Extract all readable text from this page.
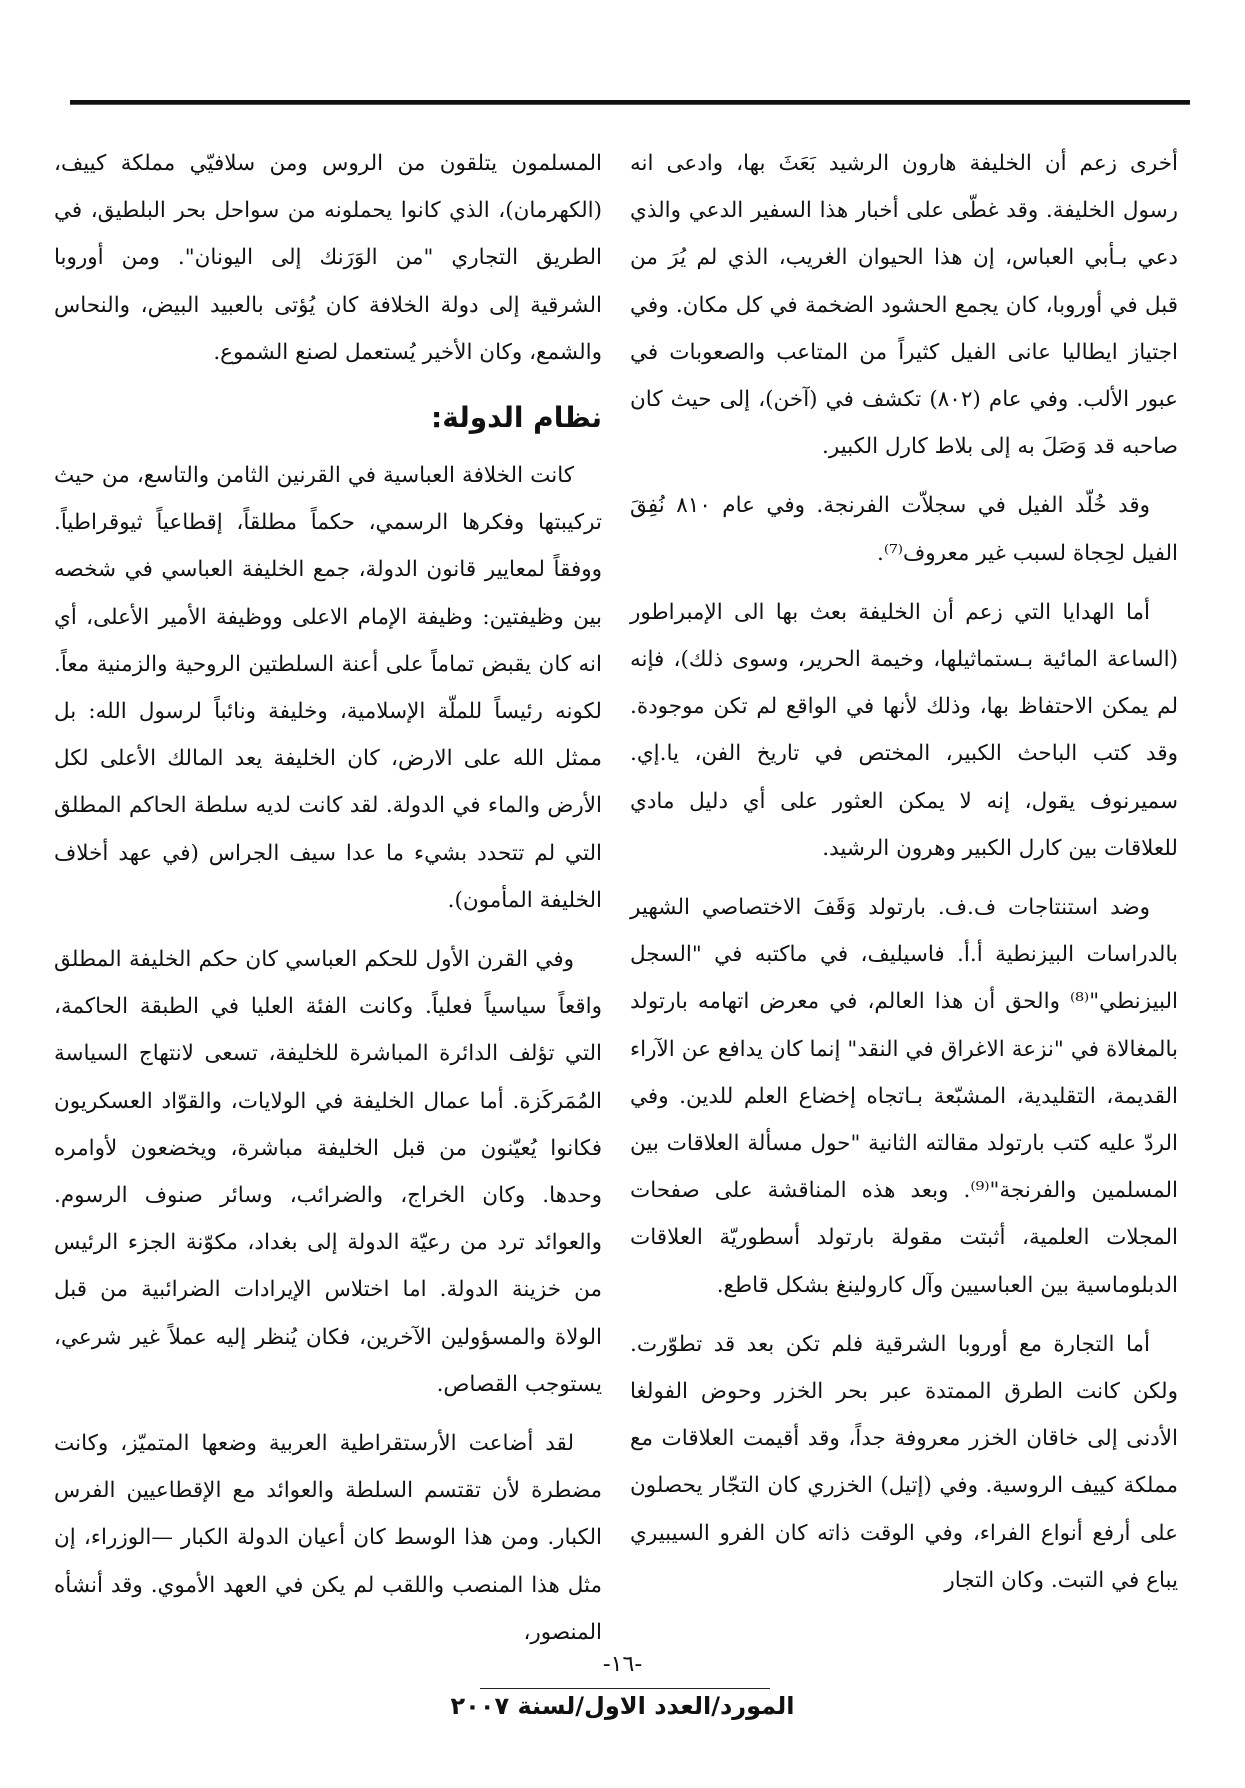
أخرى زعم أن الخليفة هارون الرشيد بَعَثَ بها، وادعى انه رسول الخليفة. وقد غطّى على أخبار هذا السفير الدعي والذي دعي بـأبي العباس، إن هذا الحيوان الغريب، الذي لم يُرَ من قبل في أوروبا، كان يجمع الحشود الضخمة في كل مكان. وفي اجتياز ايطاليا عانى الفيل كثيراً من المتاعب والصعوبات في عبور الألب. وفي عام (٨٠٢) تكشف في (آخن)، إلى حيث كان صاحبه قد وَصَلَ به إلى بلاط كارل الكبير.

وقد خُلّد الفيل في سجلاّت الفرنجة. وفي عام ٨١٠ نُفِقَ الفيل لحِجاة لسبب غير معروف⁽⁷⁾.

أما الهدايا التي زعم أن الخليفة بعث بها الى الإمبراطور (الساعة المائية بـستماثيلها، وخيمة الحرير، وسوى ذلك)، فإنه لم يمكن الاحتفاظ بها، وذلك لأنها في الواقع لم تكن موجودة. وقد كتب الباحث الكبير، المختص في تاريخ الفن، يا.إي. سميرنوف يقول، إنه لا يمكن العثور على أي دليل مادي للعلاقات بين كارل الكبير وهرون الرشيد.

وضد استنتاجات ف.ف. بارتولد وَقَفَ الاختصاصي الشهير بالدراسات البيزنطية أ.أ. فاسيليف، في ماكتبه في "السجل البيزنطي"⁽⁸⁾ والحق أن هذا العالم، في معرض اتهامه بارتولد بالمغالاة في "نزعة الاغراق في النقد" إنما كان يدافع عن الآراء القديمة، التقليدية، المشبّعة بـاتجاه إخضاع العلم للدين. وفي الردّ عليه كتب بارتولد مقالته الثانية "حول مسألة العلاقات بين المسلمين والفرنجة"⁽⁹⁾. وبعد هذه المناقشة على صفحات المجلات العلمية، أثبتت مقولة بارتولد أسطوريّة العلاقات الدبلوماسية بين العباسيين وآل كارولينغ بشكل قاطع.

أما التجارة مع أوروبا الشرقية فلم تكن بعد قد تطوّرت. ولكن كانت الطرق الممتدة عبر بحر الخزر وحوض الفولغا الأدنى إلى خاقان الخزر معروفة جداً، وقد أقيمت العلاقات مع مملكة كييف الروسية. وفي (إتيل) الخزري كان التجّار يحصلون على أرفع أنواع الفراء، وفي الوقت ذاته كان الفرو السيبيري يباع في التبت. وكان التجار

المسلمون يتلقون من الروس ومن سلافيّي مملكة كييف، (الكهرمان)، الذي كانوا يحملونه من سواحل بحر البلطيق، في الطريق التجاري "من الوَرَنك إلى اليونان". ومن أوروبا الشرقية إلى دولة الخلافة كان يُؤتى بالعبيد البيض، والنحاس والشمع، وكان الأخير يُستعمل لصنع الشموع.

نظام الدولة:

كانت الخلافة العباسية في القرنين الثامن والتاسع، من حيث تركيبتها وفكرها الرسمي، حكماً مطلقاً، إقطاعياً ثيوقراطياً. ووفقاً لمعايير قانون الدولة، جمع الخليفة العباسي في شخصه بين وظيفتين: وظيفة الإمام الاعلى ووظيفة الأمير الأعلى، أي انه كان يقبض تماماً على أعنة السلطتين الروحية والزمنية معاً. لكونه رئيساً للملّة الإسلامية، وخليفة ونائباً لرسول الله: بل ممثل الله على الارض، كان الخليفة يعد المالك الأعلى لكل الأرض والماء في الدولة. لقد كانت لديه سلطة الحاكم المطلق التي لم تتحدد بشيء ما عدا سيف الجراس (في عهد أخلاف الخليفة المأمون).

وفي القرن الأول للحكم العباسي كان حكم الخليفة المطلق واقعاً سياسياً فعلياً. وكانت الفئة العليا في الطبقة الحاكمة، التي تؤلف الدائرة المباشرة للخليفة، تسعى لانتهاج السياسة المُمَركَزة. أما عمال الخليفة في الولايات، والقوّاد العسكريون فكانوا يُعيّنون من قبل الخليفة مباشرة، ويخضعون لأوامره وحدها. وكان الخراج، والضرائب، وسائر صنوف الرسوم. والعوائد ترد من رعيّة الدولة إلى بغداد، مكوّنة الجزء الرئيس من خزينة الدولة. اما اختلاس الإيرادات الضرائبية من قبل الولاة والمسؤولين الآخرين، فكان يُنظر إليه عملاً غير شرعي، يستوجب القصاص.

لقد أضاعت الأرستقراطية العربية وضعها المتميّز، وكانت مضطرة لأن تقتسم السلطة والعوائد مع الإقطاعيين الفرس الكبار. ومن هذا الوسط كان أعيان الدولة الكبار —الوزراء، إن مثل هذا المنصب واللقب لم يكن في العهد الأموي. وقد أنشأه المنصور،

-١٦-
المورد/العدد الاول/لسنة ٢٠٠٧
